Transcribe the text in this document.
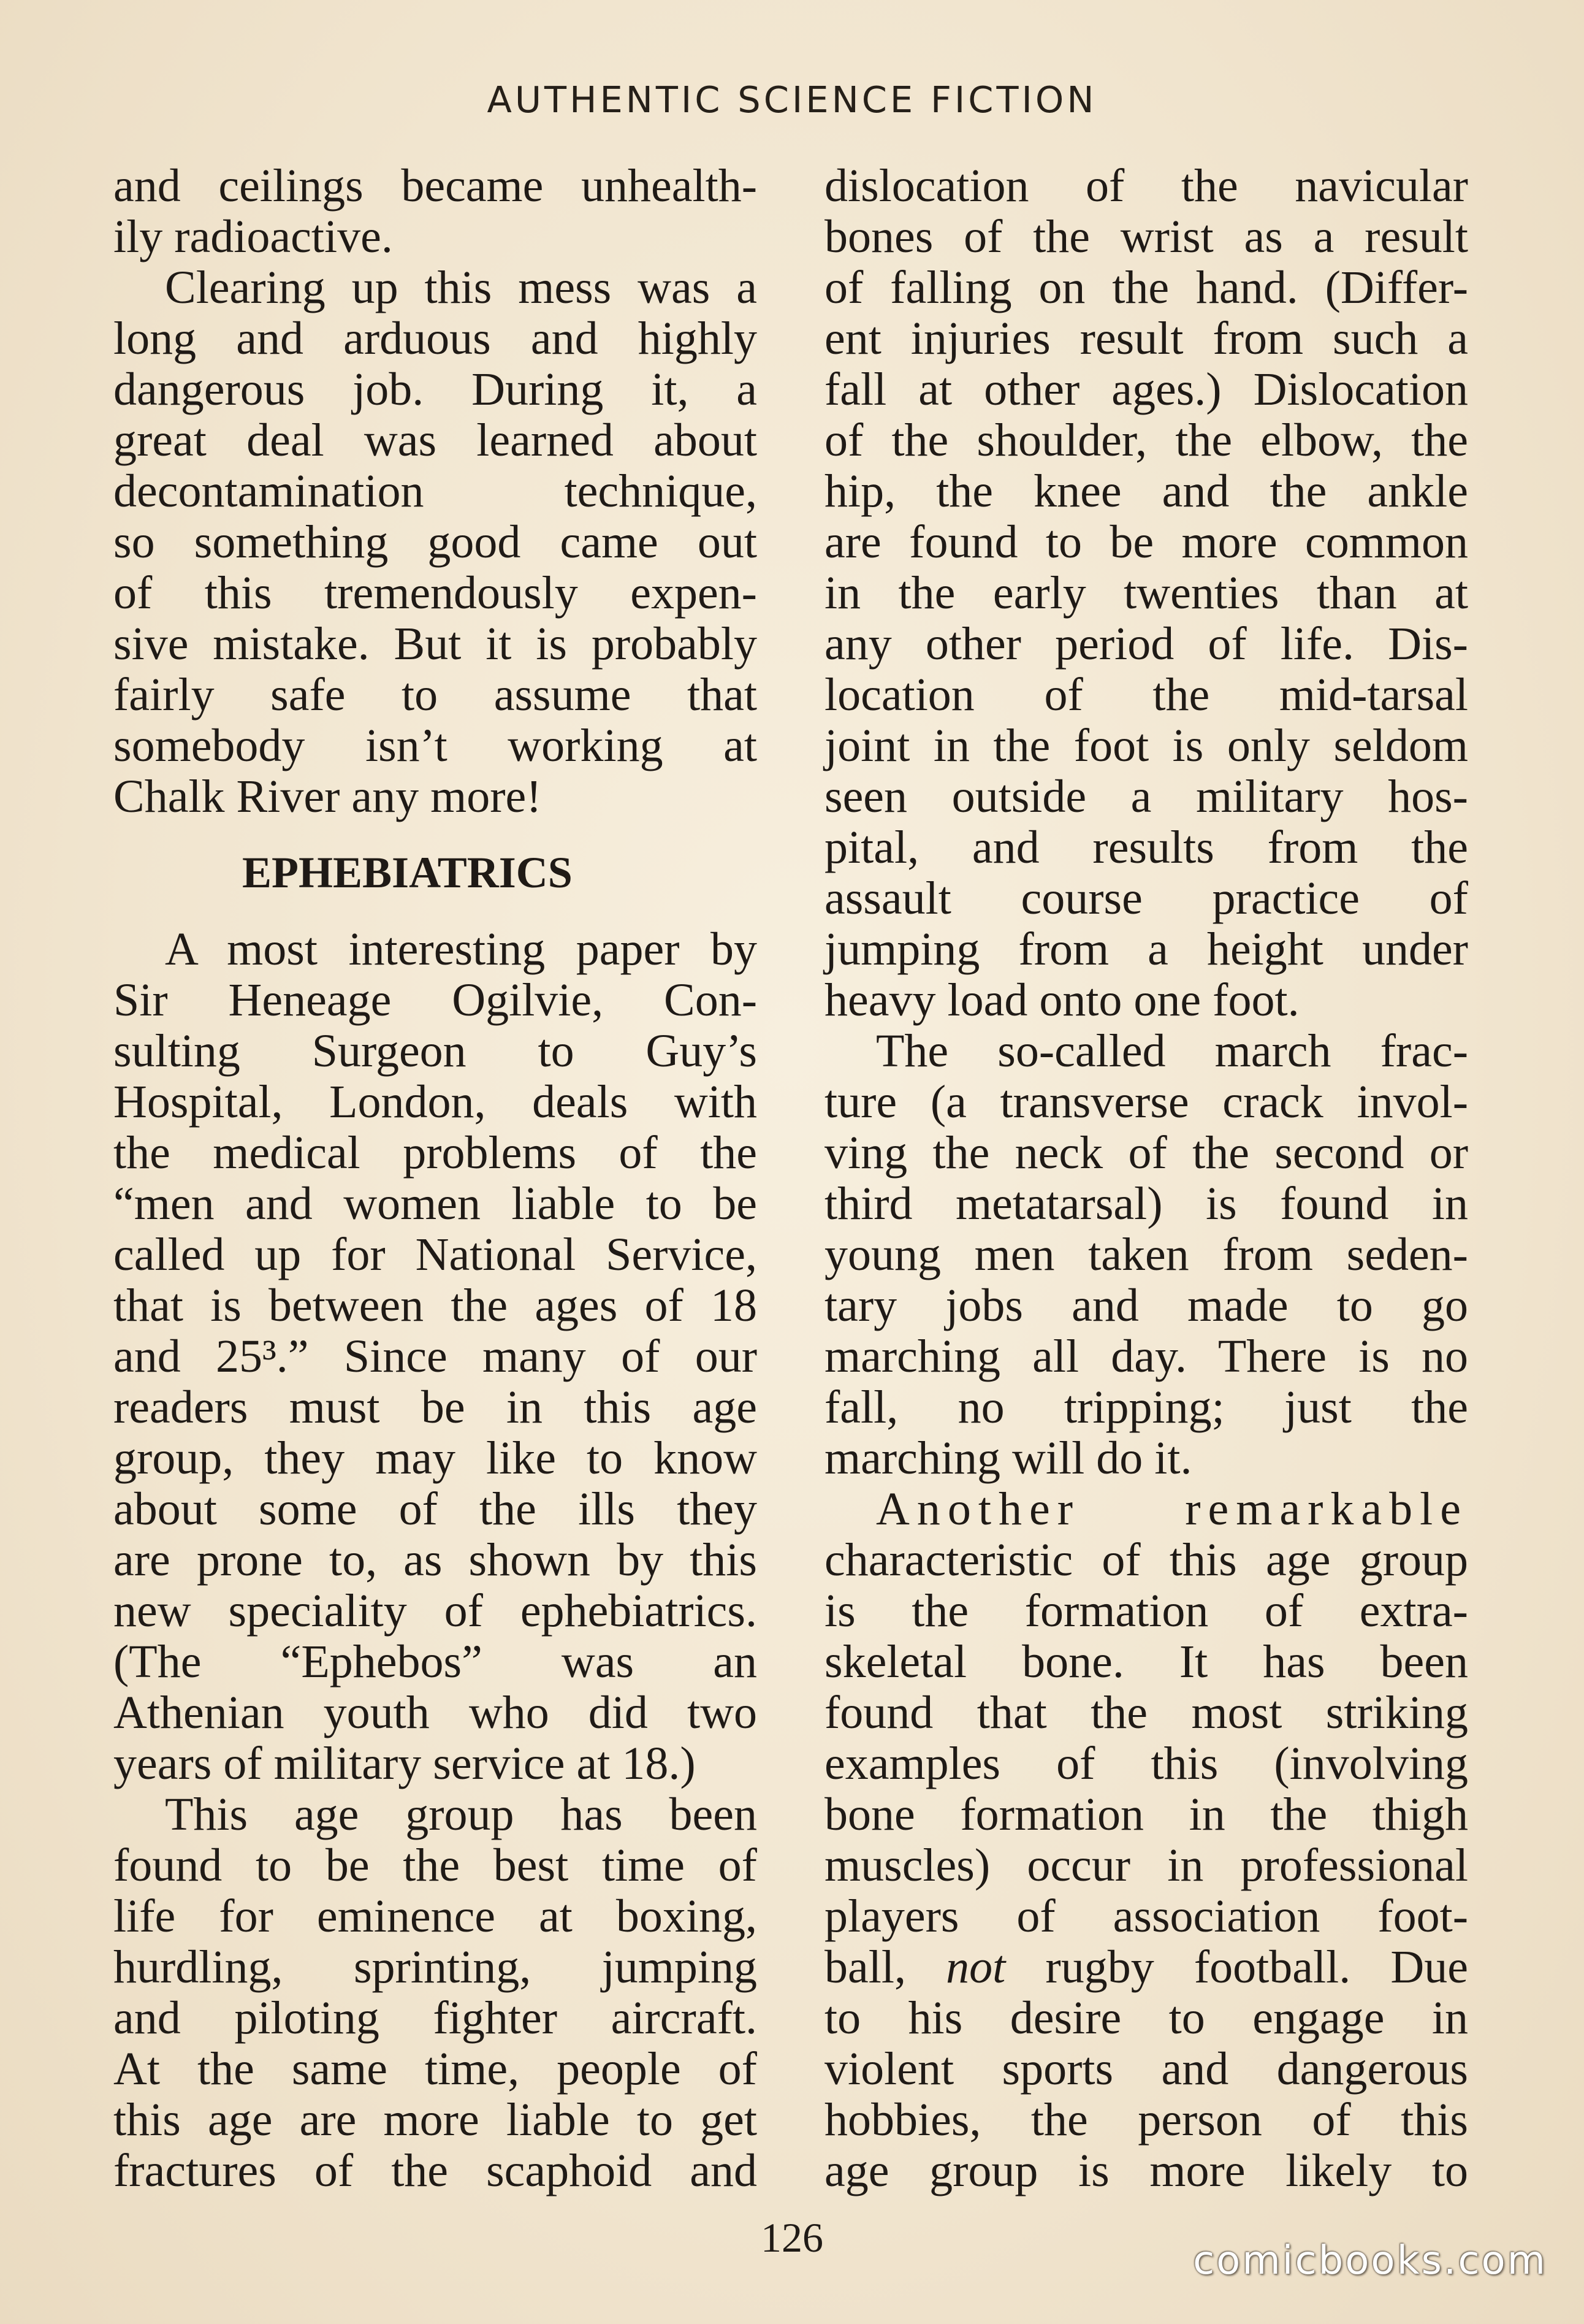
AUTHENTIC SCIENCE FICTION
and ceilings became unhealth-
ily radioactive.
Clearing up this mess was a
long and arduous and highly
dangerous job. During it, a
great deal was learned about
decontamination technique,
so something good came out
of this tremendously expen-
sive mistake. But it is probably
fairly safe to assume that
somebody isn’t working at
Chalk River any more!
EPHEBIATRICS
A most interesting paper by
Sir Heneage Ogilvie, Con-
sulting Surgeon to Guy’s
Hospital, London, deals with
the medical problems of the
“men and women liable to be
called up for National Service,
that is between the ages of 18
and 25³.” Since many of our
readers must be in this age
group, they may like to know
about some of the ills they
are prone to, as shown by this
new speciality of ephebiatrics.
(The “Ephebos” was an
Athenian youth who did two
years of military service at 18.)
This age group has been
found to be the best time of
life for eminence at boxing,
hurdling, sprinting, jumping
and piloting fighter aircraft.
At the same time, people of
this age are more liable to get
fractures of the scaphoid and
dislocation of the navicular
bones of the wrist as a result
of falling on the hand. (Differ-
ent injuries result from such a
fall at other ages.) Dislocation
of the shoulder, the elbow, the
hip, the knee and the ankle
are found to be more common
in the early twenties than at
any other period of life. Dis-
location of the mid-tarsal
joint in the foot is only seldom
seen outside a military hos-
pital, and results from the
assault course practice of
jumping from a height under
heavy load onto one foot.
The so-called march frac-
ture (a transverse crack invol-
ving the neck of the second or
third metatarsal) is found in
young men taken from seden-
tary jobs and made to go
marching all day. There is no
fall, no tripping; just the
marching will do it.
Another remarkable
characteristic of this age group
is the formation of extra-
skeletal bone. It has been
found that the most striking
examples of this (involving
bone formation in the thigh
muscles) occur in professional
players of association foot-
ball, not rugby football. Due
to his desire to engage in
violent sports and dangerous
hobbies, the person of this
age group is more likely to
126	comicbooks.com
